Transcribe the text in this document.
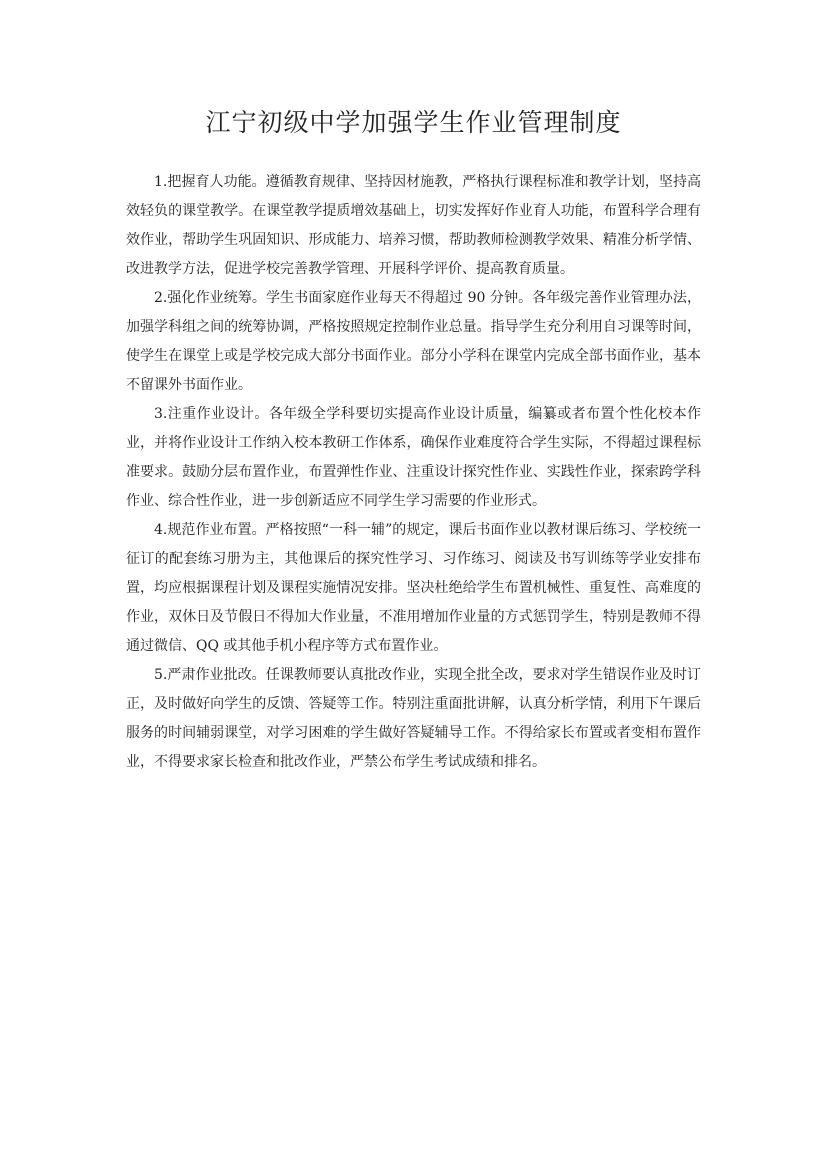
江宁初级中学加强学生作业管理制度

1.把握育人功能。遵循教育规律、坚持因材施教，严格执行课程标准和教学计划，坚持高效轻负的课堂教学。在课堂教学提质增效基础上，切实发挥好作业育人功能，布置科学合理有效作业，帮助学生巩固知识、形成能力、培养习惯，帮助教师检测教学效果、精准分析学情、改进教学方法，促进学校完善教学管理、开展科学评价、提高教育质量。

2.强化作业统筹。学生书面家庭作业每天不得超过 90 分钟。各年级完善作业管理办法，加强学科组之间的统筹协调，严格按照规定控制作业总量。指导学生充分利用自习课等时间，使学生在课堂上或是学校完成大部分书面作业。部分小学科在课堂内完成全部书面作业，基本不留课外书面作业。

3.注重作业设计。各年级全学科要切实提高作业设计质量，编纂或者布置个性化校本作业，并将作业设计工作纳入校本教研工作体系，确保作业难度符合学生实际，不得超过课程标准要求。鼓励分层布置作业，布置弹性作业、注重设计探究性作业、实践性作业，探索跨学科作业、综合性作业，进一步创新适应不同学生学习需要的作业形式。

4.规范作业布置。严格按照“一科一辅”的规定，课后书面作业以教材课后练习、学校统一征订的配套练习册为主，其他课后的探究性学习、习作练习、阅读及书写训练等学业安排布置，均应根据课程计划及课程实施情况安排。坚决杜绝给学生布置机械性、重复性、高难度的作业，双休日及节假日不得加大作业量，不准用增加作业量的方式惩罚学生，特别是教师不得通过微信、QQ 或其他手机小程序等方式布置作业。

5.严肃作业批改。任课教师要认真批改作业，实现全批全改，要求对学生错误作业及时订正，及时做好向学生的反馈、答疑等工作。特别注重面批讲解，认真分析学情，利用下午课后服务的时间辅弱课堂，对学习困难的学生做好答疑辅导工作。不得给家长布置或者变相布置作业，不得要求家长检查和批改作业，严禁公布学生考试成绩和排名。
